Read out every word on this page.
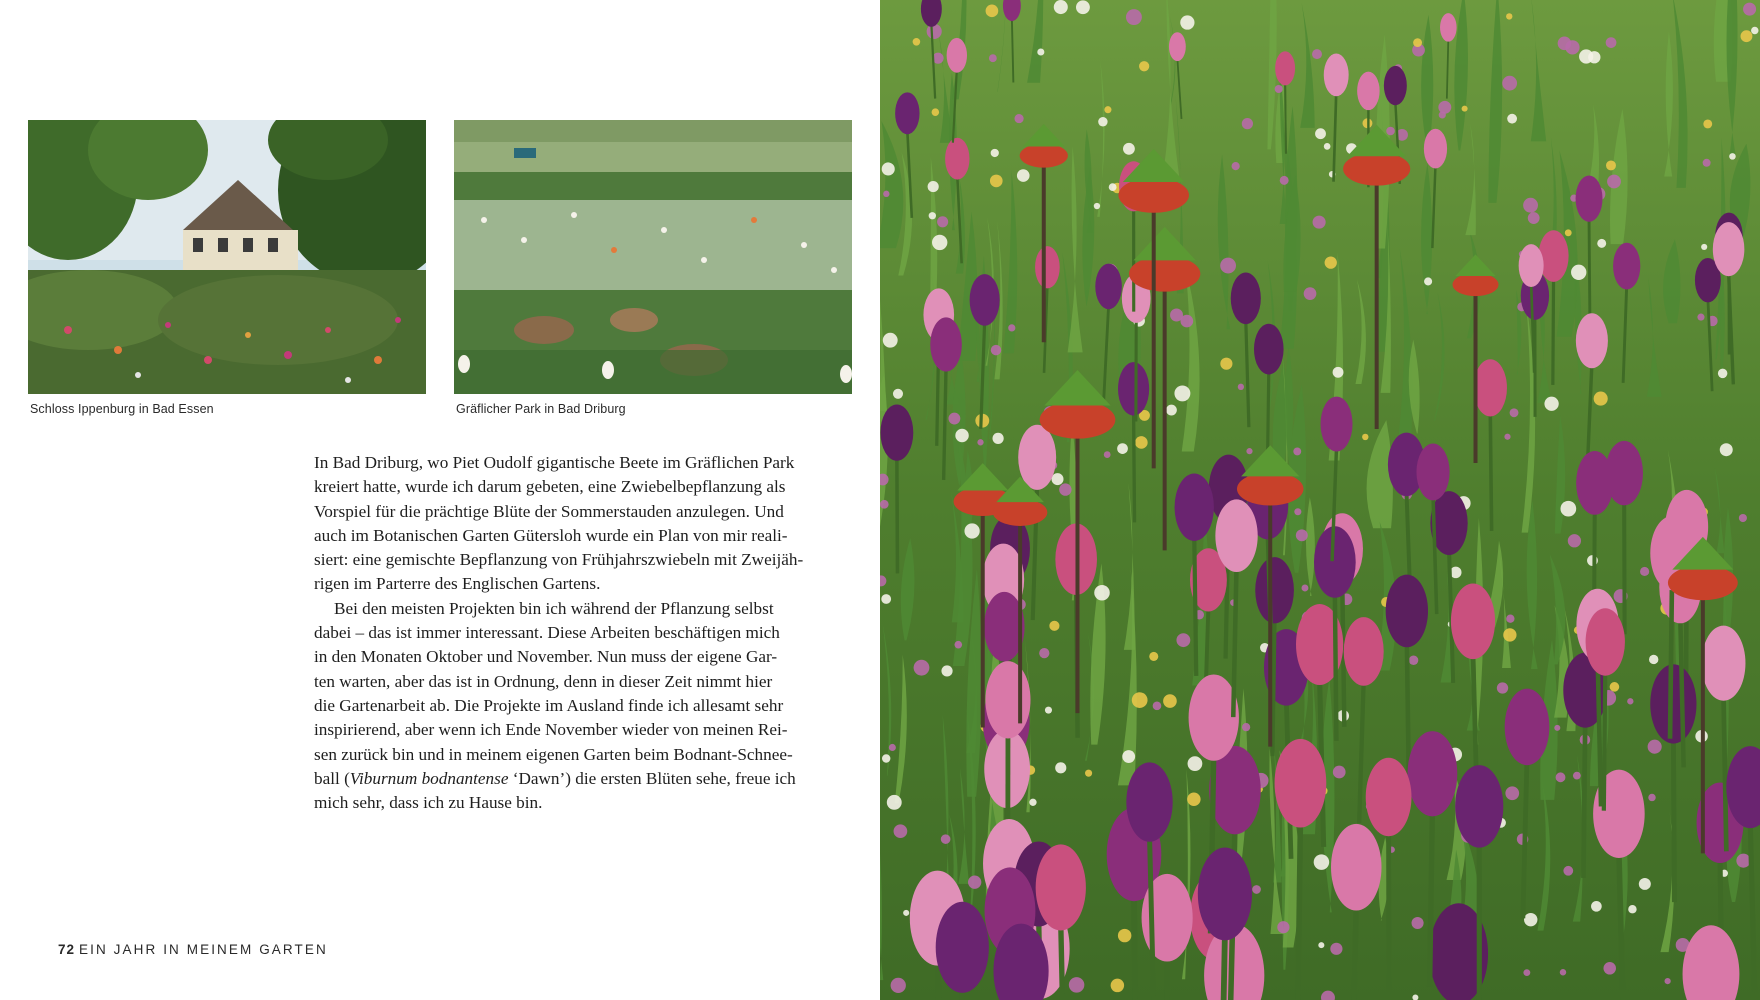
Schloss Ippenburg in Bad Essen	Gräflicher Park in Bad Driburg
In Bad Driburg, wo Piet Oudolf gigantische Beete im Gräflichen Park
kreiert hatte, wurde ich darum gebeten, eine Zwiebelbepflanzung als
Vorspiel für die prächtige Blüte der Sommerstauden anzulegen. Und
auch im Botanischen Garten Gütersloh wurde ein Plan von mir reali-
siert: eine gemischte Bepflanzung von Frühjahrszwiebeln mit Zweijäh-
rigen im Parterre des Englischen Gartens.
Bei den meisten Projekten bin ich während der Pflanzung selbst
dabei – das ist immer interessant. Diese Arbeiten beschäftigen mich
in den Monaten Oktober und November. Nun muss der eigene Gar-
ten warten, aber das ist in Ordnung, denn in dieser Zeit nimmt hier
die Gartenarbeit ab. Die Projekte im Ausland finde ich allesamt sehr
inspirierend, aber wenn ich Ende November wieder von meinen Rei-
sen zurück bin und in meinem eigenen Garten beim Bodnant-Schnee-
ball (Viburnum bodnantense ‘Dawn’) die ersten Blüten sehe, freue ich
mich sehr, dass ich zu Hause bin.
72 EIN JAHR IN MEINEM GARTEN
